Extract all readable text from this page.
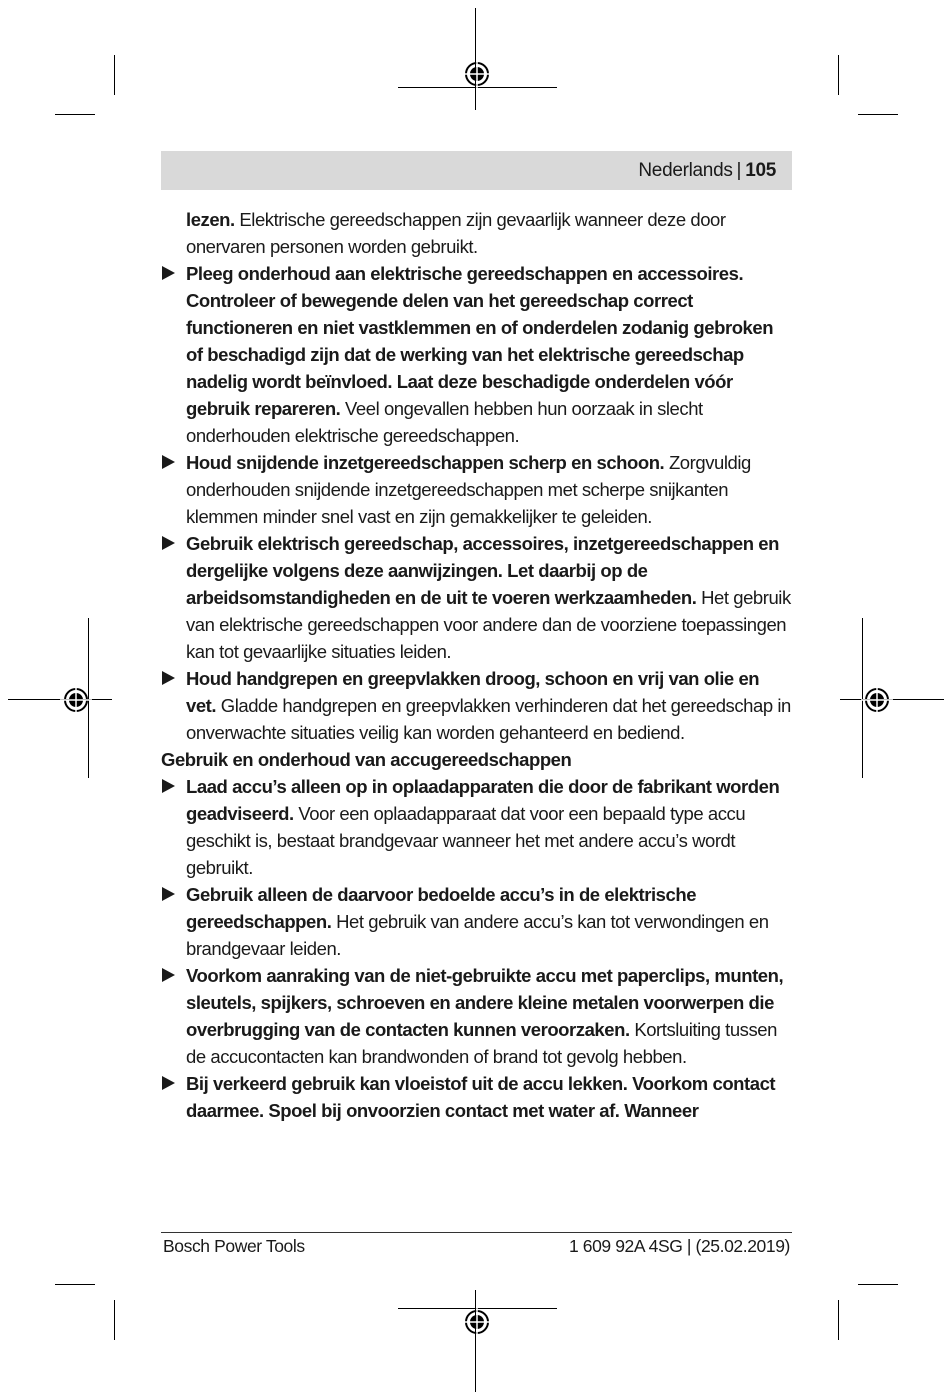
Nederlands | 105

lezen. Elektrische gereedschappen zijn gevaarlijk wanneer deze door onervaren personen worden gebruikt.

Pleeg onderhoud aan elektrische gereedschappen en accessoires. Controleer of bewegende delen van het gereedschap correct functioneren en niet vastklemmen en of onderdelen zodanig gebroken of beschadigd zijn dat de werking van het elektrische gereedschap nadelig wordt beïnvloed. Laat deze beschadigde onderdelen vóór gebruik repareren. Veel ongevallen hebben hun oorzaak in slecht onderhouden elektrische gereedschappen.

Houd snijdende inzetgereedschappen scherp en schoon. Zorgvuldig onderhouden snijdende inzetgereedschappen met scherpe snijkanten klemmen minder snel vast en zijn gemakkelijker te geleiden.

Gebruik elektrisch gereedschap, accessoires, inzetgereedschappen en dergelijke volgens deze aanwijzingen. Let daarbij op de arbeidsomstandigheden en de uit te voeren werkzaamheden. Het gebruik van elektrische gereedschappen voor andere dan de voorziene toepassingen kan tot gevaarlijke situaties leiden.

Houd handgrepen en greepvlakken droog, schoon en vrij van olie en vet. Gladde handgrepen en greepvlakken verhinderen dat het gereedschap in onverwachte situaties veilig kan worden gehanteerd en bediend.

Gebruik en onderhoud van accugereedschappen

Laad accu’s alleen op in oplaadapparaten die door de fabrikant worden geadviseerd. Voor een oplaadapparaat dat voor een bepaald type accu geschikt is, bestaat brandgevaar wanneer het met andere accu’s wordt gebruikt.

Gebruik alleen de daarvoor bedoelde accu’s in de elektrische gereedschappen. Het gebruik van andere accu’s kan tot verwondingen en brandgevaar leiden.

Voorkom aanraking van de niet-gebruikte accu met paperclips, munten, sleutels, spijkers, schroeven en andere kleine metalen voorwerpen die overbrugging van de contacten kunnen veroorzaken. Kortsluiting tussen de accucontacten kan brandwonden of brand tot gevolg hebben.

Bij verkeerd gebruik kan vloeistof uit de accu lekken. Voorkom contact daarmee. Spoel bij onvoorzien contact met water af. Wanneer

Bosch Power Tools	1 609 92A 4SG | (25.02.2019)
